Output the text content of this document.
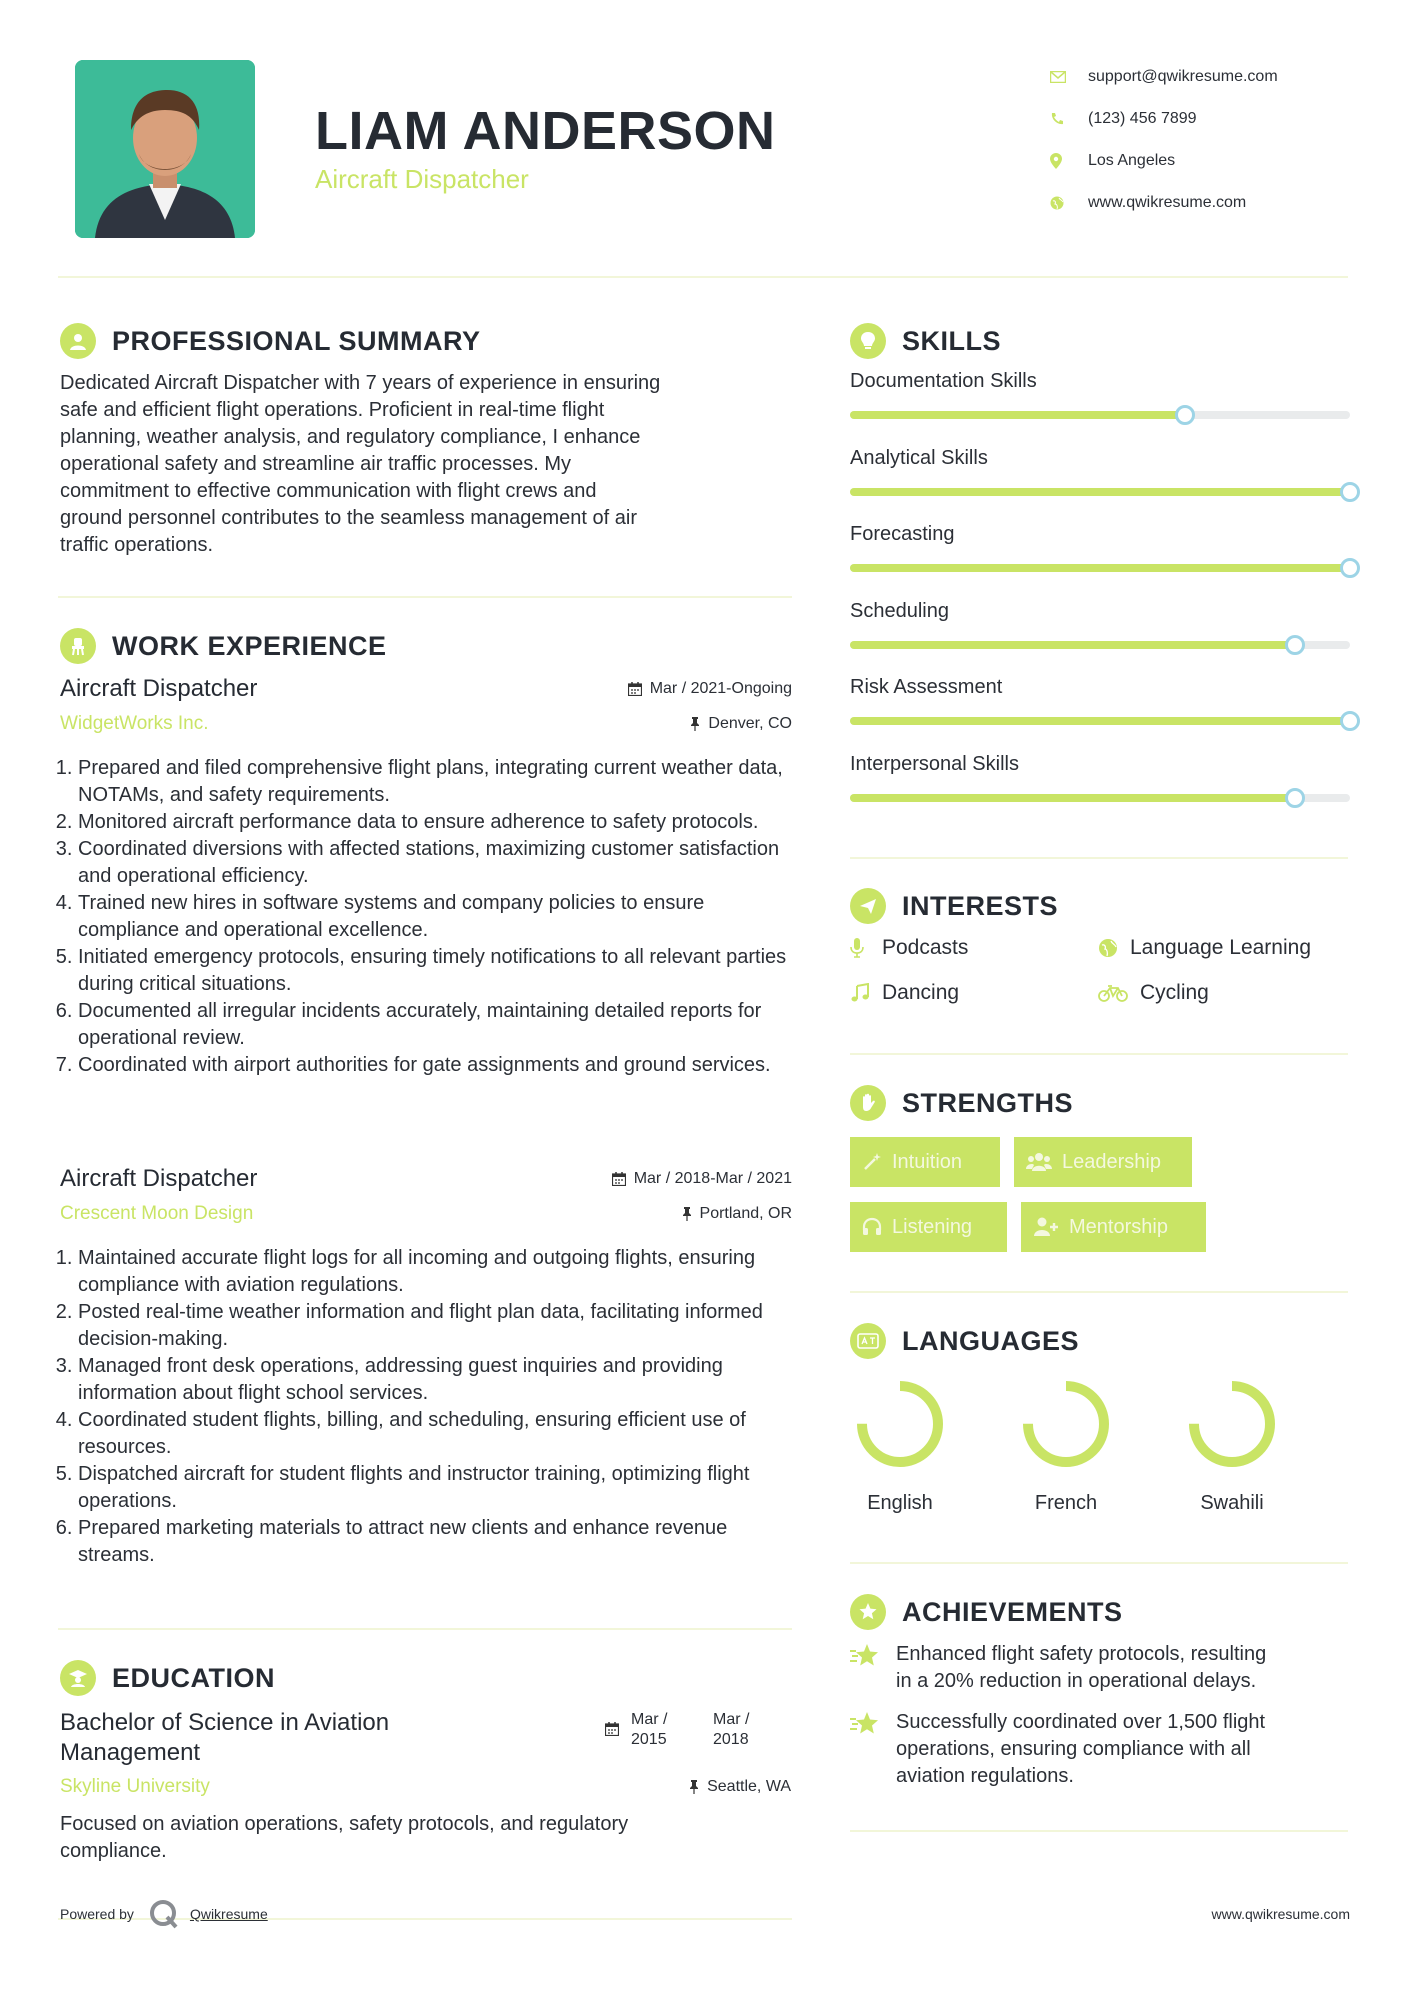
LIAM ANDERSON
Aircraft Dispatcher
support@qwikresume.com
(123) 456 7899
Los Angeles
www.qwikresume.com
PROFESSIONAL SUMMARY
Dedicated Aircraft Dispatcher with 7 years of experience in ensuring
safe and efficient flight operations. Proficient in real-time flight
planning, weather analysis, and regulatory compliance, I enhance
operational safety and streamline air traffic processes. My
commitment to effective communication with flight crews and
ground personnel contributes to the seamless management of air
traffic operations.
WORK EXPERIENCE
Aircraft Dispatcher	Mar / 2021-Ongoing
WidgetWorks Inc.	Denver, CO
1. Prepared and filed comprehensive flight plans, integrating current weather data, NOTAMs, and safety requirements.
2. Monitored aircraft performance data to ensure adherence to safety protocols.
3. Coordinated diversions with affected stations, maximizing customer satisfaction and operational efficiency.
4. Trained new hires in software systems and company policies to ensure compliance and operational excellence.
5. Initiated emergency protocols, ensuring timely notifications to all relevant parties during critical situations.
6. Documented all irregular incidents accurately, maintaining detailed reports for operational review.
7. Coordinated with airport authorities for gate assignments and ground services.
Aircraft Dispatcher	Mar / 2018-Mar / 2021
Crescent Moon Design	Portland, OR
1. Maintained accurate flight logs for all incoming and outgoing flights, ensuring compliance with aviation regulations.
2. Posted real-time weather information and flight plan data, facilitating informed decision-making.
3. Managed front desk operations, addressing guest inquiries and providing information about flight school services.
4. Coordinated student flights, billing, and scheduling, ensuring efficient use of resources.
5. Dispatched aircraft for student flights and instructor training, optimizing flight operations.
6. Prepared marketing materials to attract new clients and enhance revenue streams.
EDUCATION
Bachelor of Science in Aviation
Management
Mar /
2015
Mar /
2018
Skyline University	Seattle, WA
Focused on aviation operations, safety protocols, and regulatory
compliance.
SKILLS
Documentation Skills
Analytical Skills
Forecasting
Scheduling
Risk Assessment
Interpersonal Skills
INTERESTS
Podcasts	Language Learning
Dancing	Cycling
STRENGTHS
Intuition	Leadership
Listening	Mentorship
LANGUAGES
English	French	Swahili
ACHIEVEMENTS
Enhanced flight safety protocols, resulting
in a 20% reduction in operational delays.
Successfully coordinated over 1,500 flight
operations, ensuring compliance with all
aviation regulations.
Powered by	Qwikresume	www.qwikresume.com
